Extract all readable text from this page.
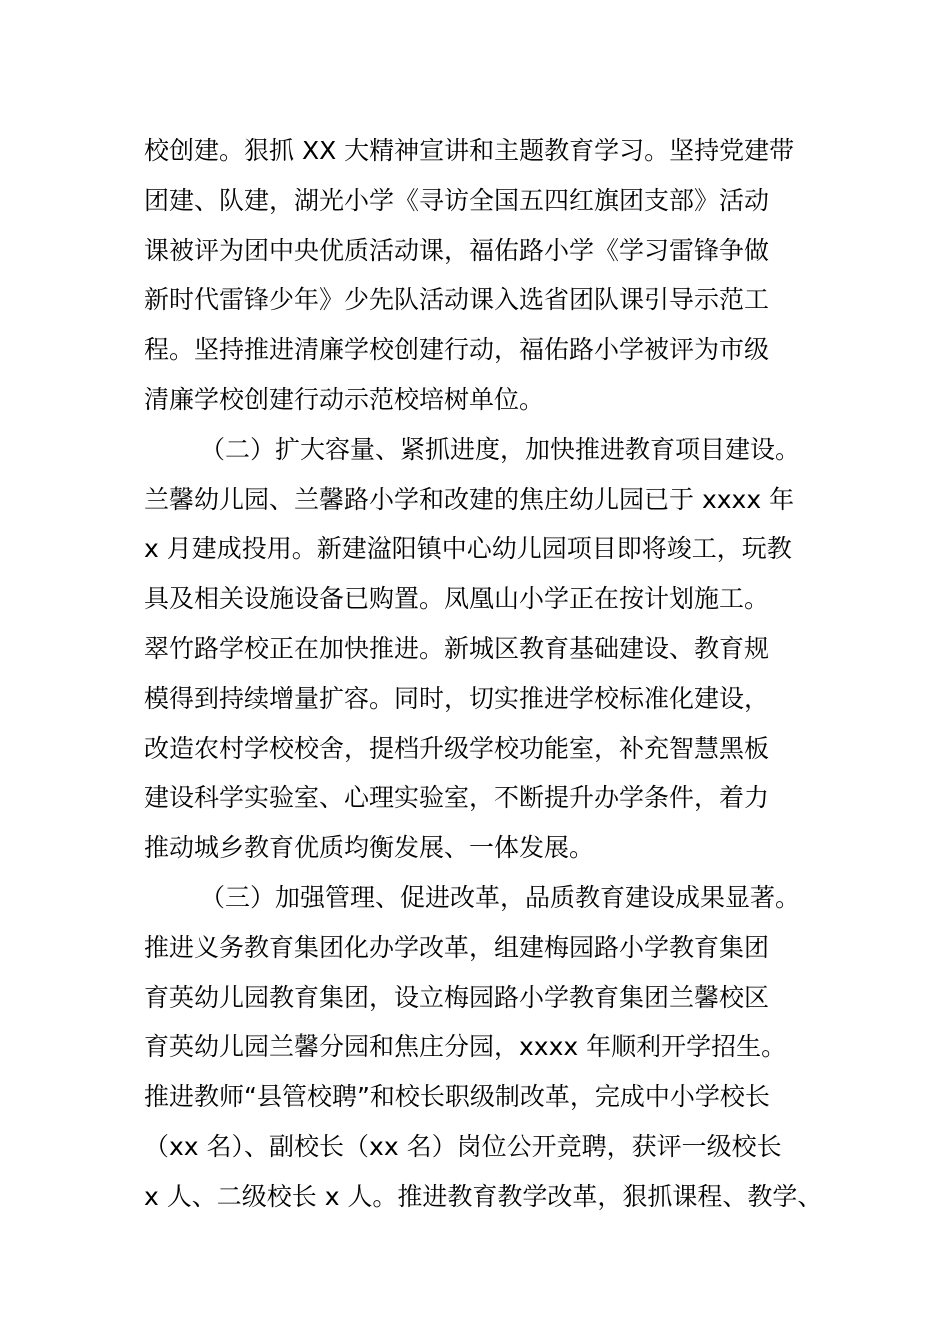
校创建。狠抓 XX 大精神宣讲和主题教育学习。坚持党建带
团建、队建，湖光小学《寻访全国五四红旗团支部》活动
课被评为团中央优质活动课，福佑路小学《学习雷锋争做
新时代雷锋少年》少先队活动课入选省团队课引导示范工
程。坚持推进清廉学校创建行动，福佑路小学被评为市级
清廉学校创建行动示范校培树单位。
（二）扩大容量、紧抓进度，加快推进教育项目建设。
兰馨幼儿园、兰馨路小学和改建的焦庄幼儿园已于 xxxx 年
x 月建成投用。新建湓阳镇中心幼儿园项目即将竣工，玩教
具及相关设施设备已购置。凤凰山小学正在按计划施工。
翠竹路学校正在加快推进。新城区教育基础建设、教育规
模得到持续增量扩容。同时，切实推进学校标准化建设，
改造农村学校校舍，提档升级学校功能室，补充智慧黑板
建设科学实验室、心理实验室，不断提升办学条件，着力
推动城乡教育优质均衡发展、一体发展。
（三）加强管理、促进改革，品质教育建设成果显著。
推进义务教育集团化办学改革，组建梅园路小学教育集团
育英幼儿园教育集团，设立梅园路小学教育集团兰馨校区
育英幼儿园兰馨分园和焦庄分园，xxxx 年顺利开学招生。
推进教师“县管校聘”和校长职级制改革，完成中小学校长
（xx 名）、副校长（xx 名）岗位公开竞聘，获评一级校长
x 人、二级校长 x 人。推进教育教学改革，狠抓课程、教学、
